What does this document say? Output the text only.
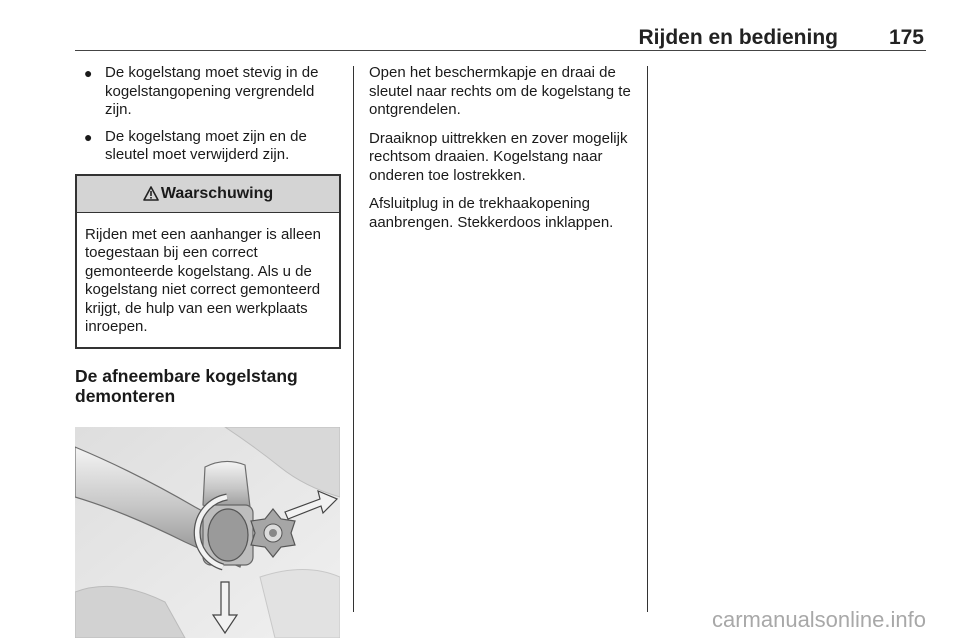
Rijden en bediening 175
● De kogelstang moet stevig in de kogelstangopening vergrendeld zijn.
● De kogelstang moet zijn en de sleutel moet verwijderd zijn.
Waarschuwing
Rijden met een aanhanger is alleen toegestaan bij een correct gemonteerde kogelstang. Als u de kogelstang niet correct gemonteerd krijgt, de hulp van een werkplaats inroepen.
De afneembare kogelstang demonteren

Open het beschermkapje en draai de sleutel naar rechts om de kogelstang te ontgrendelen.

Draaiknop uittrekken en zover mogelijk rechtsom draaien. Kogelstang naar onderen toe lostrekken.

Afsluitplug in de trekhaakopening aanbrengen. Stekkerdoos inklappen.

carmanualsonline.info
